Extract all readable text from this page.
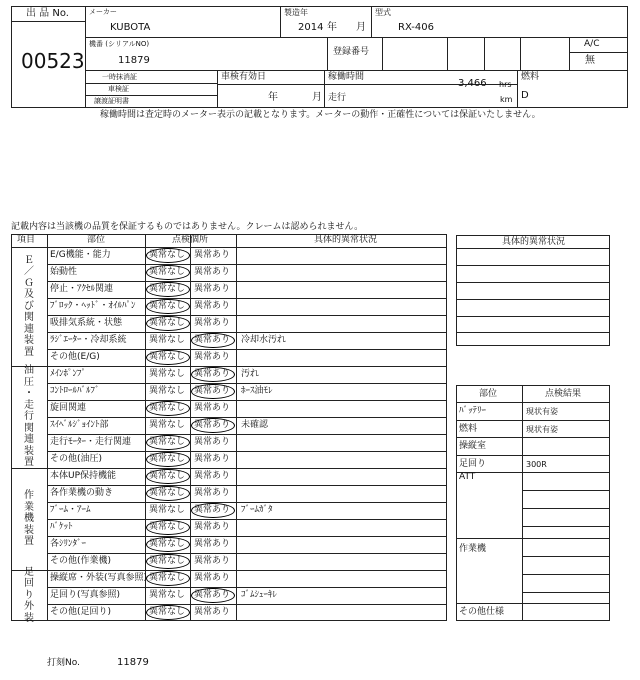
出 品 No.
00523
メーカー
KUBOTA
製造年
2014 年 月
型式
RX-406
機番 (シリアルNO)
11879
登録番号
A/C
無
一時抹消証
車検証
譲渡証明書
車検有効日
年	月
稼働時間
3,466 hrs
走行	km
燃料
D
稼働時間は査定時のメーター表示の記載となります。メーターの動作・正確性については保証いたしません。
記載内容は当該機の品質を保証するものではありません。クレームは認められません。
項目	部位	点検個所	具体的異常状況
Ｅ
／
Ｇ
及
び
関
連
装
置
油
圧
・
走
行
関
連
装
置
作
業
機
装
置
足
回
り
外
装
E/G機能・能力	異常なし 異常あり
始動性	異常なし 異常あり
停止・ｱｸｾﾙ関連	異常なし 異常あり
ﾌﾞﾛｯｸ・ﾍｯﾄﾞ・ｵｲﾙﾊﾟﾝ 異常なし 異常あり
吸排気系統・状態	異常なし 異常あり
ﾗｼﾞｴｰﾀｰ・冷却系統 異常なし 異常あり 冷却水汚れ
その他(E/G)	異常なし 異常あり
ﾒｲﾝﾎﾟﾝﾌﾟ	異常なし 異常あり 汚れ
ｺﾝﾄﾛｰﾙﾊﾞﾙﾌﾞ	異常なし 異常あり ﾎｰｽ油ﾓﾚ
旋回関連	異常なし 異常あり
ｽｲﾍﾞﾙｼﾞｮｲﾝﾄ部	異常なし 異常あり 未確認
走行ﾓｰﾀｰ・走行関連 異常なし 異常あり
その他(油圧)	異常なし 異常あり
本体UP保持機能	異常なし 異常あり
各作業機の動き	異常なし 異常あり
ﾌﾞｰﾑ・ｱｰﾑ	異常なし 異常あり ﾌﾞｰﾑｶﾞﾀ
ﾊﾞｹｯﾄ	異常なし 異常あり
各ｼﾘﾝﾀﾞｰ	異常なし 異常あり
その他(作業機)	異常なし 異常あり
操縦席・外装(写真参照) 異常なし 異常あり
足回り(写真参照)	異常なし 異常あり ｺﾞﾑｼｭｰｷﾚ
その他(足回り)	異常なし 異常あり
具体的異常状況
部位	点検結果
ﾊﾞｯﾃﾘｰ	現状有姿
燃料	現状有姿
操縦室
足回り	300R
ATT
作業機
その他仕様
打刻No.	11879
